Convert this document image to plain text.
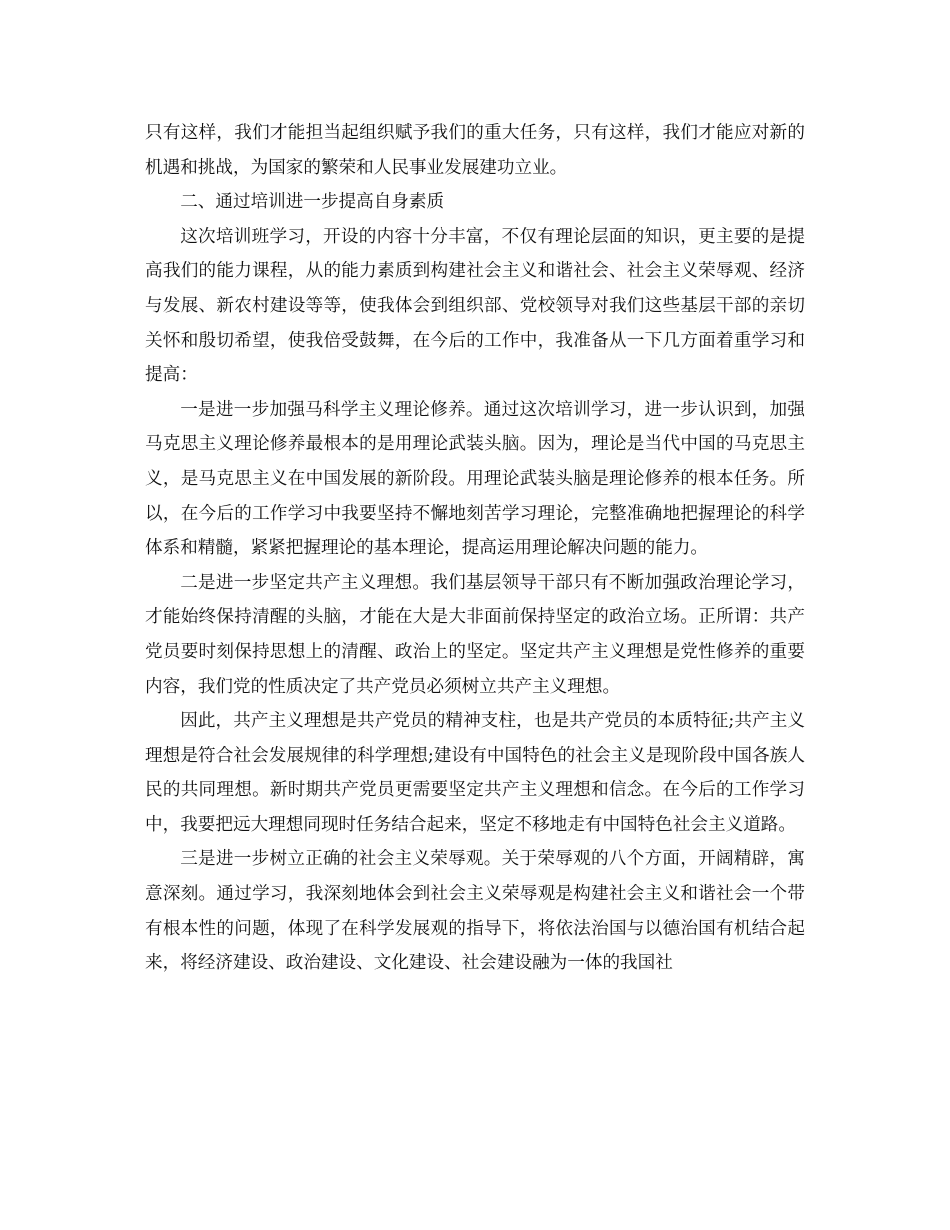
只有这样，我们才能担当起组织赋予我们的重大任务，只有这样，我们才能应对新的机遇和挑战，为国家的繁荣和人民事业发展建功立业。

二、通过培训进一步提高自身素质

这次培训班学习，开设的内容十分丰富，不仅有理论层面的知识，更主要的是提高我们的能力课程，从的能力素质到构建社会主义和谐社会、社会主义荣辱观、经济与发展、新农村建设等等，使我体会到组织部、党校领导对我们这些基层干部的亲切关怀和殷切希望，使我倍受鼓舞，在今后的工作中，我准备从一下几方面着重学习和提高：

一是进一步加强马科学主义理论修养。通过这次培训学习，进一步认识到，加强马克思主义理论修养最根本的是用理论武装头脑。因为，理论是当代中国的马克思主义，是马克思主义在中国发展的新阶段。用理论武装头脑是理论修养的根本任务。所以，在今后的工作学习中我要坚持不懈地刻苦学习理论，完整准确地把握理论的科学体系和精髓，紧紧把握理论的基本理论，提高运用理论解决问题的能力。

二是进一步坚定共产主义理想。我们基层领导干部只有不断加强政治理论学习，才能始终保持清醒的头脑，才能在大是大非面前保持坚定的政治立场。正所谓：共产党员要时刻保持思想上的清醒、政治上的坚定。坚定共产主义理想是党性修养的重要内容，我们党的性质决定了共产党员必须树立共产主义理想。

因此，共产主义理想是共产党员的精神支柱，也是共产党员的本质特征;共产主义理想是符合社会发展规律的科学理想;建设有中国特色的社会主义是现阶段中国各族人民的共同理想。新时期共产党员更需要坚定共产主义理想和信念。在今后的工作学习中，我要把远大理想同现时任务结合起来，坚定不移地走有中国特色社会主义道路。

三是进一步树立正确的社会主义荣辱观。关于荣辱观的八个方面，开阔精辟，寓意深刻。通过学习，我深刻地体会到社会主义荣辱观是构建社会主义和谐社会一个带有根本性的问题，体现了在科学发展观的指导下，将依法治国与以德治国有机结合起来，将经济建设、政治建设、文化建设、社会建设融为一体的我国社
